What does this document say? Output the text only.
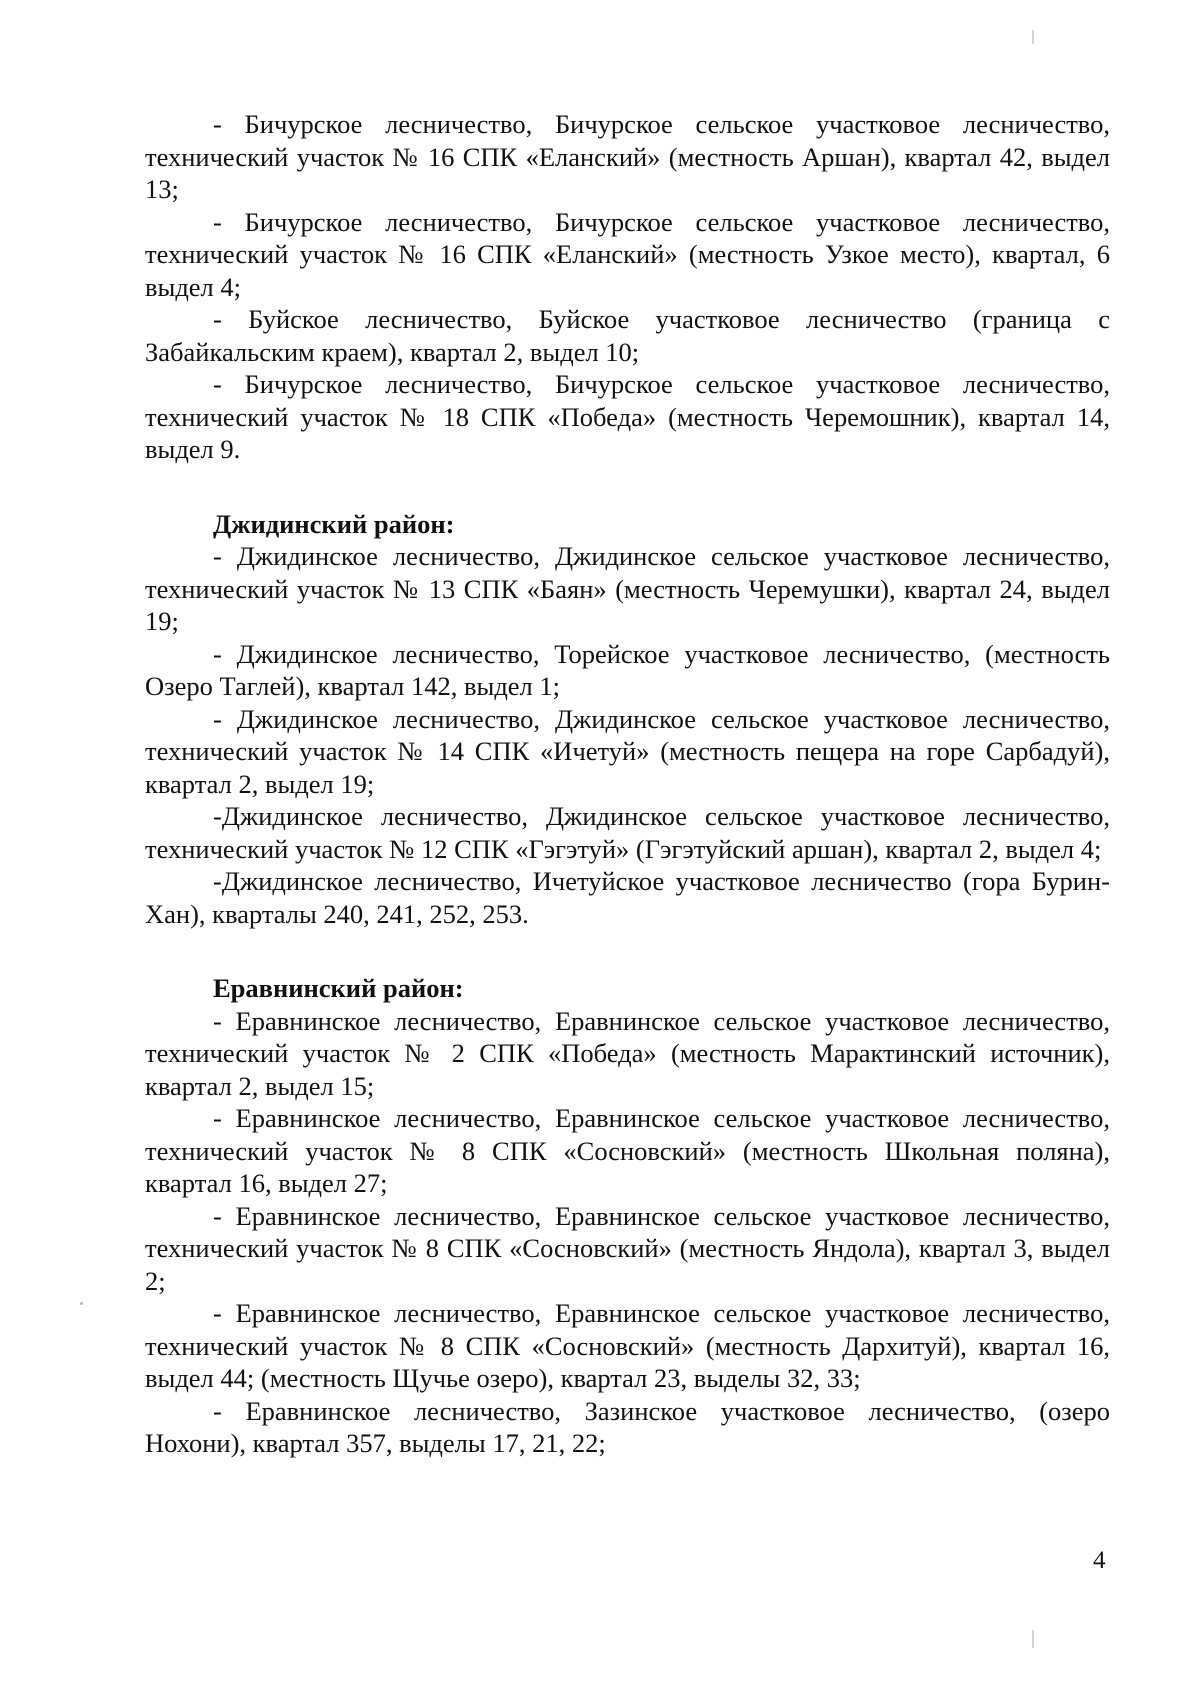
- Бичурское лесничество, Бичурское сельское участковое лесничество, технический участок № 16 СПК «Еланский» (местность Аршан), квартал 42, выдел 13;

- Бичурское лесничество, Бичурское сельское участковое лесничество, технический участок № 16 СПК «Еланский» (местность Узкое место), квартал, 6 выдел 4;

- Буйское лесничество, Буйское участковое лесничество (граница с Забайкальским краем), квартал 2, выдел 10;

- Бичурское лесничество, Бичурское сельское участковое лесничество, технический участок № 18 СПК «Победа» (местность Черемошник), квартал 14, выдел 9.

Джидинский район:

- Джидинское лесничество, Джидинское сельское участковое лесничество, технический участок № 13 СПК «Баян» (местность Черемушки), квартал 24, выдел 19;

- Джидинское лесничество, Торейское участковое лесничество, (местность Озеро Таглей), квартал 142, выдел 1;

- Джидинское лесничество, Джидинское сельское участковое лесничество, технический участок № 14 СПК «Ичетуй» (местность пещера на горе Сарбадуй), квартал 2, выдел 19;

-Джидинское лесничество, Джидинское сельское участковое лесничество, технический участок № 12 СПК «Гэгэтуй» (Гэгэтуйский аршан), квартал 2, выдел 4;

-Джидинское лесничество, Ичетуйское участковое лесничество (гора Бурин-Хан), кварталы 240, 241, 252, 253.

Еравнинский район:

- Еравнинское лесничество, Еравнинское сельское участковое лесничество, технический участок № 2 СПК «Победа» (местность Марактинский источник), квартал 2, выдел 15;

- Еравнинское лесничество, Еравнинское сельское участковое лесничество, технический участок № 8 СПК «Сосновский» (местность Школьная поляна), квартал 16, выдел 27;

- Еравнинское лесничество, Еравнинское сельское участковое лесничество, технический участок № 8 СПК «Сосновский» (местность Яндола), квартал 3, выдел 2;

- Еравнинское лесничество, Еравнинское сельское участковое лесничество, технический участок № 8 СПК «Сосновский» (местность Дархитуй), квартал 16, выдел 44; (местность Щучье озеро), квартал 23, выделы 32, 33;

- Еравнинское лесничество, Зазинское участковое лесничество, (озеро Нохони), квартал 357, выделы 17, 21, 22;

4
